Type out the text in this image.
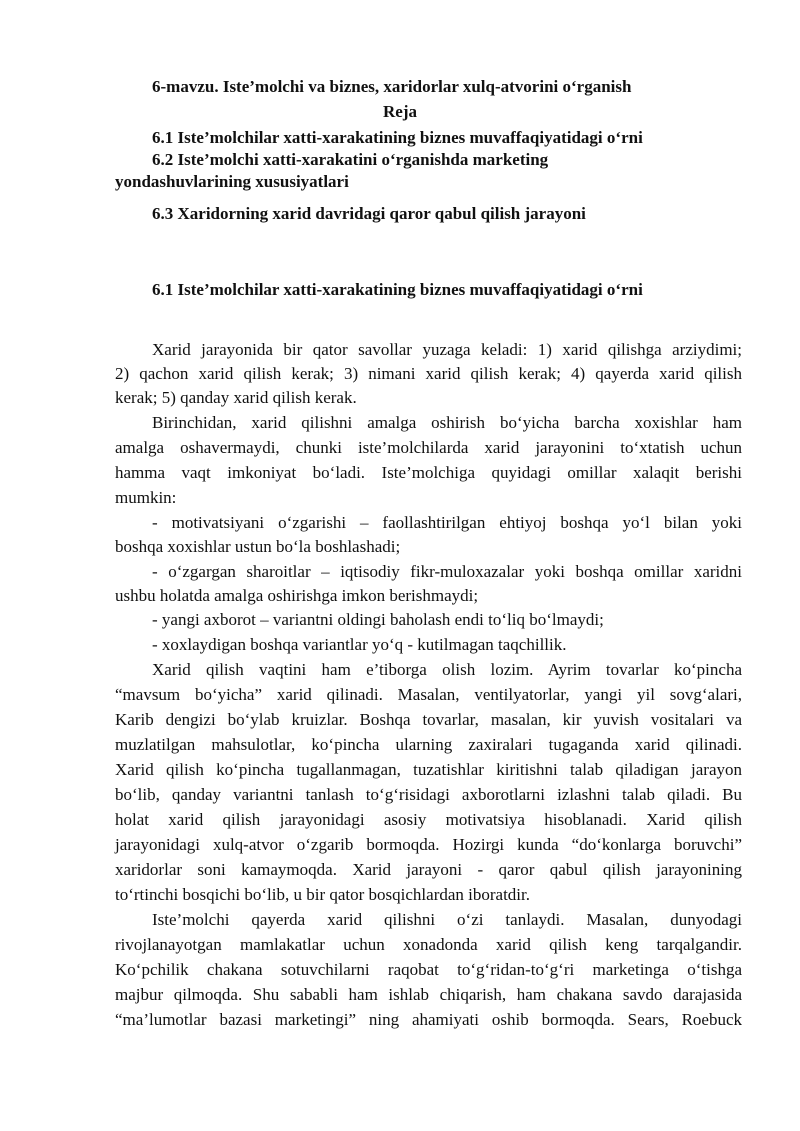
6-mavzu. Iste’molchi va biznes, xaridorlar xulq-atvorini o‘rganish
Reja
6.1 Iste’molchilar xatti-xarakatining biznes muvaffaqiyatidagi o‘rni
6.2 Iste’molchi xatti-xarakatini o‘rganishda marketing
yondashuvlarining xususiyatlari
6.3 Xaridorning xarid davridagi qaror qabul qilish jarayoni
6.1 Iste’molchilar xatti-xarakatining biznes muvaffaqiyatidagi o‘rni
Xarid jarayonida bir qator savollar yuzaga keladi: 1) xarid qilishga arziydimi;
2) qachon xarid qilish kerak; 3) nimani xarid qilish kerak; 4) qayerda xarid qilish
kerak; 5) qanday xarid qilish kerak.
Birinchidan, xarid qilishni amalga oshirish bo‘yicha barcha xoxishlar ham
amalga oshavermaydi, chunki iste’molchilarda xarid jarayonini to‘xtatish uchun
hamma vaqt imkoniyat bo‘ladi. Iste’molchiga quyidagi omillar xalaqit berishi
mumkin:
- motivatsiyani o‘zgarishi – faollashtirilgan ehtiyoj boshqa yo‘l bilan yoki
boshqa xoxishlar ustun bo‘la boshlashadi;
- o‘zgargan sharoitlar – iqtisodiy fikr-muloxazalar yoki boshqa omillar xaridni
ushbu holatda amalga oshirishga imkon berishmaydi;
- yangi axborot – variantni oldingi baholash endi to‘liq bo‘lmaydi;
- xoxlaydigan boshqa variantlar yo‘q - kutilmagan taqchillik.
Xarid qilish vaqtini ham e’tiborga olish lozim. Ayrim tovarlar ko‘pincha
“mavsum bo‘yicha” xarid qilinadi. Masalan, ventilyatorlar, yangi yil sovg‘alari,
Karib dengizi bo‘ylab kruizlar. Boshqa tovarlar, masalan, kir yuvish vositalari va
muzlatilgan mahsulotlar, ko‘pincha ularning zaxiralari tugaganda xarid qilinadi.
Xarid qilish ko‘pincha tugallanmagan, tuzatishlar kiritishni talab qiladigan jarayon
bo‘lib, qanday variantni tanlash to‘g‘risidagi axborotlarni izlashni talab qiladi. Bu
holat xarid qilish jarayonidagi asosiy motivatsiya hisoblanadi. Xarid qilish
jarayonidagi xulq-atvor o‘zgarib bormoqda. Hozirgi kunda “do‘konlarga boruvchi”
xaridorlar soni kamaymoqda. Xarid jarayoni - qaror qabul qilish jarayonining
to‘rtinchi bosqichi bo‘lib, u bir qator bosqichlardan iboratdir.
Iste’molchi qayerda xarid qilishni o‘zi tanlaydi. Masalan, dunyodagi
rivojlanayotgan mamlakatlar uchun xonadonda xarid qilish keng tarqalgandir.
Ko‘pchilik chakana sotuvchilarni raqobat to‘g‘ridan-to‘g‘ri marketinga o‘tishga
majbur qilmoqda. Shu sababli ham ishlab chiqarish, ham chakana savdo darajasida
“ma’lumotlar bazasi marketingi” ning ahamiyati oshib bormoqda. Sears, Roebuck
